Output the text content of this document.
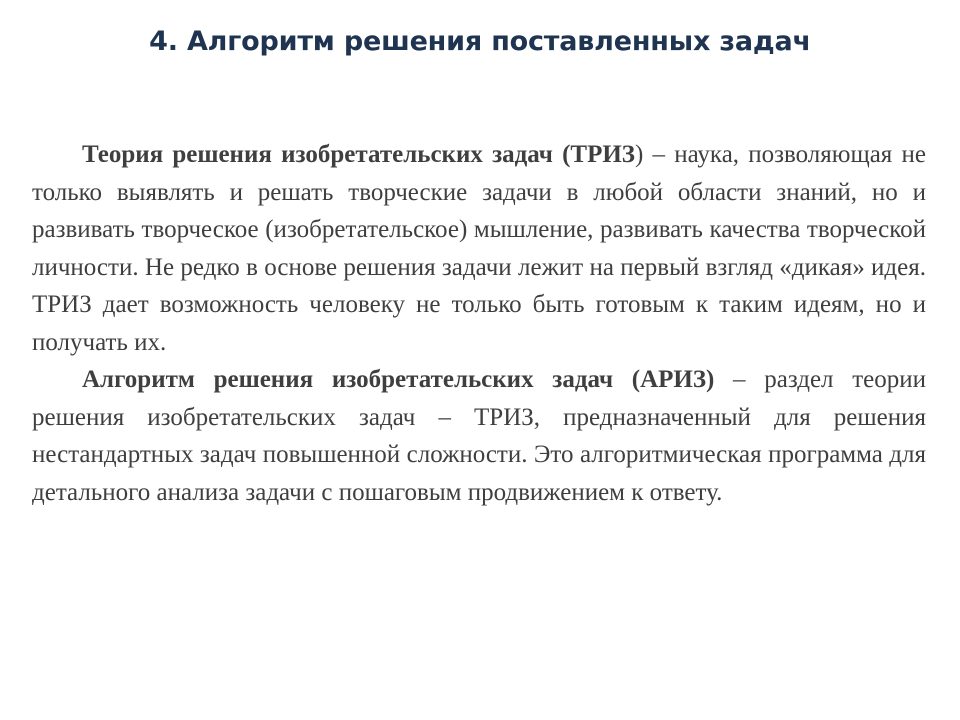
4. Алгоритм решения поставленных задач

Теория решения изобретательских задач (ТРИЗ) – наука, позволяющая не только выявлять и решать творческие задачи в любой области знаний, но и развивать творческое (изобретательское) мышление, развивать качества творческой личности. Не редко в основе решения задачи лежит на первый взгляд «дикая» идея. ТРИЗ дает возможность человеку не только быть готовым к таким идеям, но и получать их.

Алгоритм решения изобретательских задач (АРИЗ) – раздел теории решения изобретательских задач – ТРИЗ, предназначенный для решения нестандартных задач повышенной сложности. Это алгоритмическая программа для детального анализа задачи с пошаговым продвижением к ответу.
